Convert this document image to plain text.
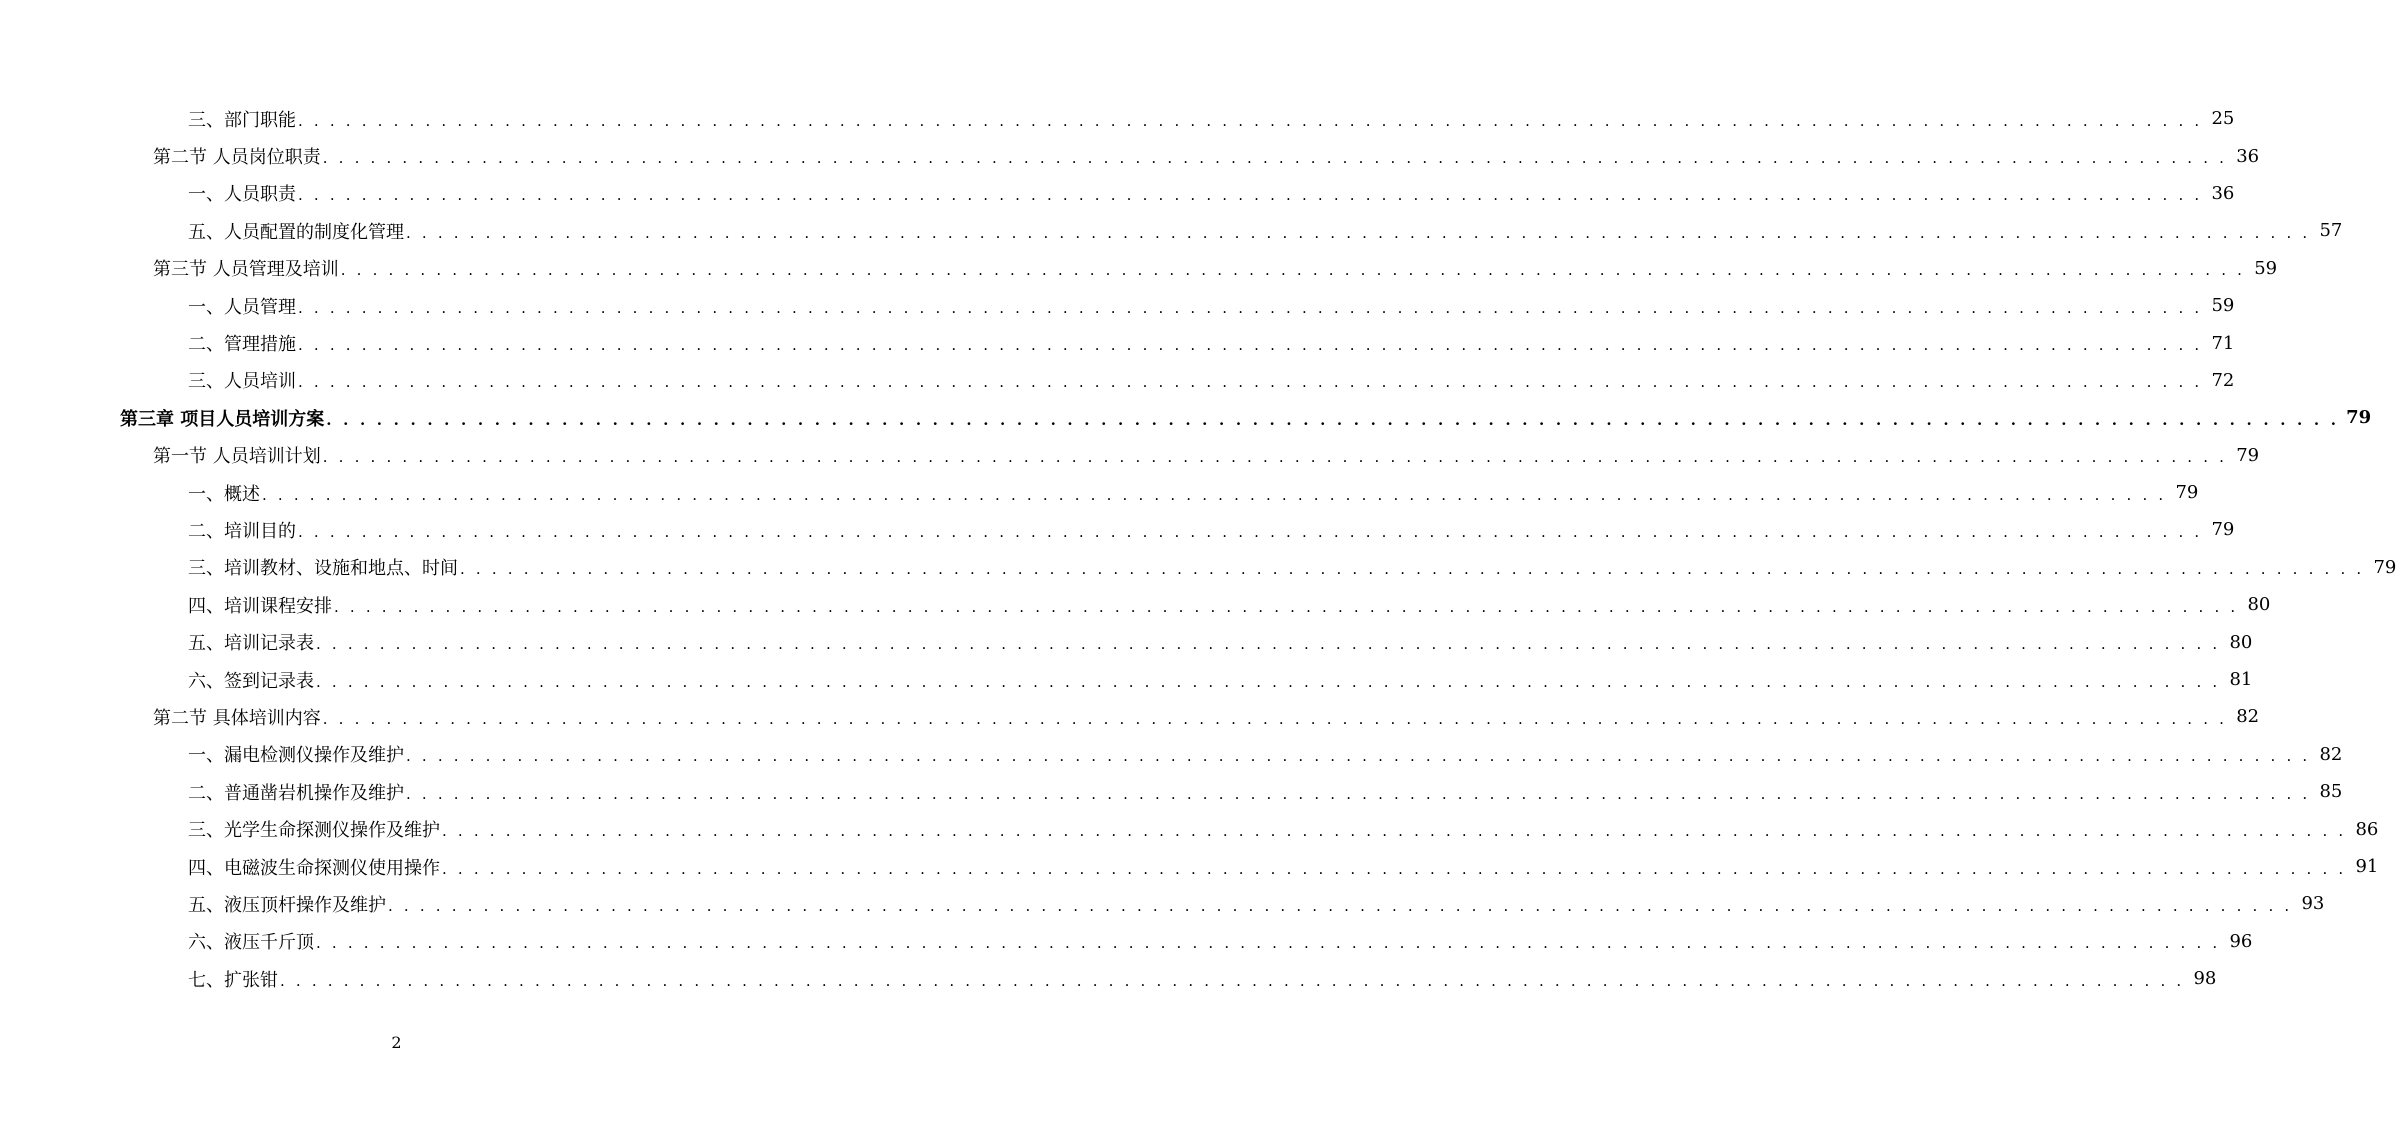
三、部门职能 . . . . . . . . . . . . . . . . . . . . . . . . . . . . . . . . . . . . . . . . . . . . . . . . . . . . . . . . . . . . . . . . . . . . . . . . . . . . . . . . . . . . . . . . . . . . . . . . . . . . . . . . . . . . . . . . . . . . . . . . 25
第二节 人员岗位职责 . . . . . . . . . . . . . . . . . . . . . . . . . . . . . . . . . . . . . . . . . . . . . . . . . . . . . . . . . . . . . . . . . . . . . . . . . . . . . . . . . . . . . . . . . . . . . . . . . . . . . . . . . . . . . . . . . . . . . . . . 36
一、人员职责 . . . . . . . . . . . . . . . . . . . . . . . . . . . . . . . . . . . . . . . . . . . . . . . . . . . . . . . . . . . . . . . . . . . . . . . . . . . . . . . . . . . . . . . . . . . . . . . . . . . . . . . . . . . . . . . . . . . . . . . . 36
五、人员配置的制度化管理 . . . . . . . . . . . . . . . . . . . . . . . . . . . . . . . . . . . . . . . . . . . . . . . . . . . . . . . . . . . . . . . . . . . . . . . . . . . . . . . . . . . . . . . . . . . . . . . . . . . . . . . . . . . . . . . . . . . . . . . . 57
第三节 人员管理及培训 . . . . . . . . . . . . . . . . . . . . . . . . . . . . . . . . . . . . . . . . . . . . . . . . . . . . . . . . . . . . . . . . . . . . . . . . . . . . . . . . . . . . . . . . . . . . . . . . . . . . . . . . . . . . . . . . . . . . . . . . 59
一、人员管理 . . . . . . . . . . . . . . . . . . . . . . . . . . . . . . . . . . . . . . . . . . . . . . . . . . . . . . . . . . . . . . . . . . . . . . . . . . . . . . . . . . . . . . . . . . . . . . . . . . . . . . . . . . . . . . . . . . . . . . . . 59
二、管理措施 . . . . . . . . . . . . . . . . . . . . . . . . . . . . . . . . . . . . . . . . . . . . . . . . . . . . . . . . . . . . . . . . . . . . . . . . . . . . . . . . . . . . . . . . . . . . . . . . . . . . . . . . . . . . . . . . . . . . . . . . 71
三、人员培训 . . . . . . . . . . . . . . . . . . . . . . . . . . . . . . . . . . . . . . . . . . . . . . . . . . . . . . . . . . . . . . . . . . . . . . . . . . . . . . . . . . . . . . . . . . . . . . . . . . . . . . . . . . . . . . . . . . . . . . . . 72
第三章 项目人员培训方案 . . . . . . . . . . . . . . . . . . . . . . . . . . . . . . . . . . . . . . . . . . . . . . . . . . . . . . . . . . . . . . . . . . . . . . . . . . . . . . . . . . . . . . . . . . . . . . . . . . . . . . . . . . . . . . . . . . . . . . . . 79
第一节 人员培训计划 . . . . . . . . . . . . . . . . . . . . . . . . . . . . . . . . . . . . . . . . . . . . . . . . . . . . . . . . . . . . . . . . . . . . . . . . . . . . . . . . . . . . . . . . . . . . . . . . . . . . . . . . . . . . . . . . . . . . . . . . 79
一、概述 . . . . . . . . . . . . . . . . . . . . . . . . . . . . . . . . . . . . . . . . . . . . . . . . . . . . . . . . . . . . . . . . . . . . . . . . . . . . . . . . . . . . . . . . . . . . . . . . . . . . . . . . . . . . . . . . . . . . . . . . 79
二、培训目的 . . . . . . . . . . . . . . . . . . . . . . . . . . . . . . . . . . . . . . . . . . . . . . . . . . . . . . . . . . . . . . . . . . . . . . . . . . . . . . . . . . . . . . . . . . . . . . . . . . . . . . . . . . . . . . . . . . . . . . . . 79
三、培训教材、设施和地点、时间 . . . . . . . . . . . . . . . . . . . . . . . . . . . . . . . . . . . . . . . . . . . . . . . . . . . . . . . . . . . . . . . . . . . . . . . . . . . . . . . . . . . . . . . . . . . . . . . . . . . . . . . . . . . . . . . . . . . . . . . . 79
四、培训课程安排 . . . . . . . . . . . . . . . . . . . . . . . . . . . . . . . . . . . . . . . . . . . . . . . . . . . . . . . . . . . . . . . . . . . . . . . . . . . . . . . . . . . . . . . . . . . . . . . . . . . . . . . . . . . . . . . . . . . . . . . . 80
五、培训记录表 . . . . . . . . . . . . . . . . . . . . . . . . . . . . . . . . . . . . . . . . . . . . . . . . . . . . . . . . . . . . . . . . . . . . . . . . . . . . . . . . . . . . . . . . . . . . . . . . . . . . . . . . . . . . . . . . . . . . . . . . 80
六、签到记录表 . . . . . . . . . . . . . . . . . . . . . . . . . . . . . . . . . . . . . . . . . . . . . . . . . . . . . . . . . . . . . . . . . . . . . . . . . . . . . . . . . . . . . . . . . . . . . . . . . . . . . . . . . . . . . . . . . . . . . . . . 81
第二节 具体培训内容 . . . . . . . . . . . . . . . . . . . . . . . . . . . . . . . . . . . . . . . . . . . . . . . . . . . . . . . . . . . . . . . . . . . . . . . . . . . . . . . . . . . . . . . . . . . . . . . . . . . . . . . . . . . . . . . . . . . . . . . . 82
一、漏电检测仪操作及维护 . . . . . . . . . . . . . . . . . . . . . . . . . . . . . . . . . . . . . . . . . . . . . . . . . . . . . . . . . . . . . . . . . . . . . . . . . . . . . . . . . . . . . . . . . . . . . . . . . . . . . . . . . . . . . . . . . . . . . . . . 82
二、普通凿岩机操作及维护 . . . . . . . . . . . . . . . . . . . . . . . . . . . . . . . . . . . . . . . . . . . . . . . . . . . . . . . . . . . . . . . . . . . . . . . . . . . . . . . . . . . . . . . . . . . . . . . . . . . . . . . . . . . . . . . . . . . . . . . . 85
三、光学生命探测仪操作及维护 . . . . . . . . . . . . . . . . . . . . . . . . . . . . . . . . . . . . . . . . . . . . . . . . . . . . . . . . . . . . . . . . . . . . . . . . . . . . . . . . . . . . . . . . . . . . . . . . . . . . . . . . . . . . . . . . . . . . . . . . 86
四、电磁波生命探测仪使用操作 . . . . . . . . . . . . . . . . . . . . . . . . . . . . . . . . . . . . . . . . . . . . . . . . . . . . . . . . . . . . . . . . . . . . . . . . . . . . . . . . . . . . . . . . . . . . . . . . . . . . . . . . . . . . . . . . . . . . . . . . 91
五、液压顶杆操作及维护 . . . . . . . . . . . . . . . . . . . . . . . . . . . . . . . . . . . . . . . . . . . . . . . . . . . . . . . . . . . . . . . . . . . . . . . . . . . . . . . . . . . . . . . . . . . . . . . . . . . . . . . . . . . . . . . . . . . . . . . . 93
六、液压千斤顶 . . . . . . . . . . . . . . . . . . . . . . . . . . . . . . . . . . . . . . . . . . . . . . . . . . . . . . . . . . . . . . . . . . . . . . . . . . . . . . . . . . . . . . . . . . . . . . . . . . . . . . . . . . . . . . . . . . . . . . . . 96
七、扩张钳 . . . . . . . . . . . . . . . . . . . . . . . . . . . . . . . . . . . . . . . . . . . . . . . . . . . . . . . . . . . . . . . . . . . . . . . . . . . . . . . . . . . . . . . . . . . . . . . . . . . . . . . . . . . . . . . . . . . . . . . . 98
2
